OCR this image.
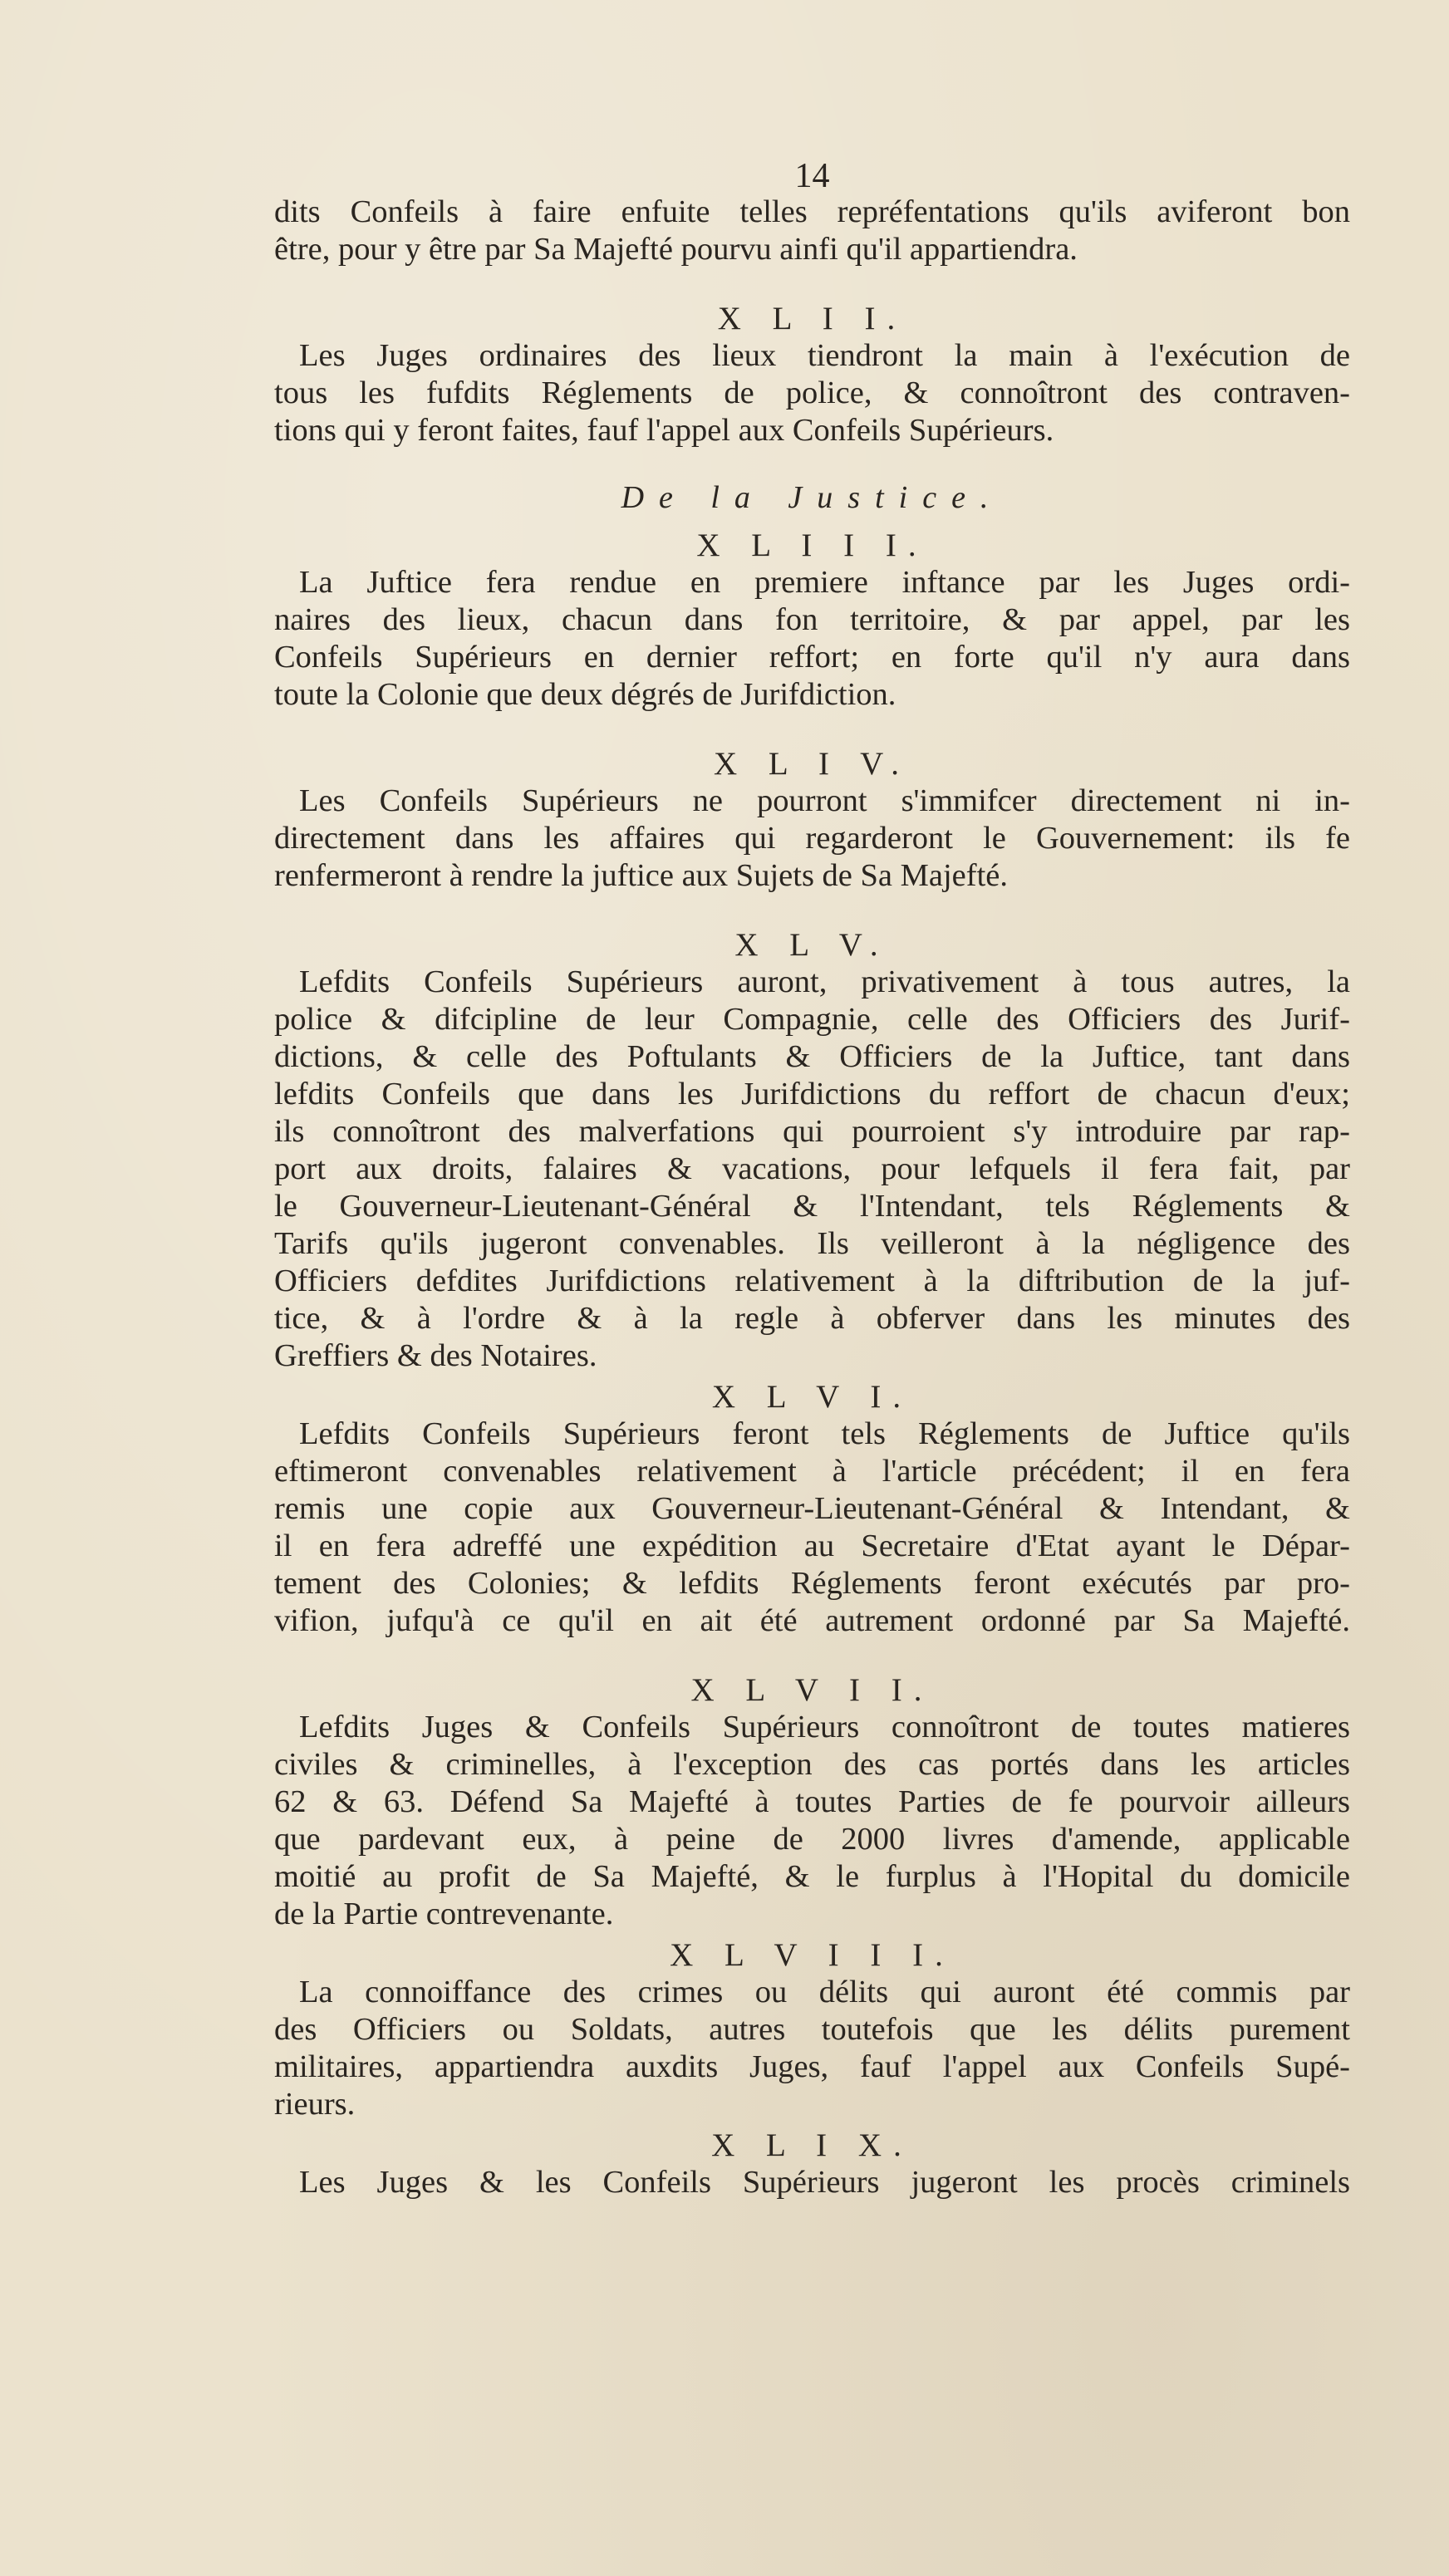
14
dits Confeils à faire enfuite telles repréfentations qu'ils aviferont bon
être, pour y être par Sa Majefté pourvu ainfi qu'il appartiendra.
X L I I.
Les Juges ordinaires des lieux tiendront la main à l'exécution de
tous les fufdits Réglements de police, & connoîtront des contraven-
tions qui y feront faites, fauf l'appel aux Confeils Supérieurs.
De la Justice.
X L I I I.
La Juftice fera rendue en premiere inftance par les Juges ordi-
naires des lieux, chacun dans fon territoire, & par appel, par les
Confeils Supérieurs en dernier reffort; en forte qu'il n'y aura dans
toute la Colonie que deux dégrés de Jurifdiction.
X L I V.
Les Confeils Supérieurs ne pourront s'immifcer directement ni in-
directement dans les affaires qui regarderont le Gouvernement: ils fe
renfermeront à rendre la juftice aux Sujets de Sa Majefté.
X L V.
Lefdits Confeils Supérieurs auront, privativement à tous autres, la
police & difcipline de leur Compagnie, celle des Officiers des Jurif-
dictions, & celle des Poftulants & Officiers de la Juftice, tant dans
lefdits Confeils que dans les Jurifdictions du reffort de chacun d'eux;
ils connoîtront des malverfations qui pourroient s'y introduire par rap-
port aux droits, falaires & vacations, pour lefquels il fera fait, par
le Gouverneur-Lieutenant-Général & l'Intendant, tels Réglements &
Tarifs qu'ils jugeront convenables. Ils veilleront à la négligence des
Officiers defdites Jurifdictions relativement à la diftribution de la juf-
tice, & à l'ordre & à la regle à obferver dans les minutes des
Greffiers & des Notaires.
X L V I.
Lefdits Confeils Supérieurs feront tels Réglements de Juftice qu'ils
eftimeront convenables relativement à l'article précédent; il en fera
remis une copie aux Gouverneur-Lieutenant-Général & Intendant, &
il en fera adreffé une expédition au Secretaire d'Etat ayant le Dépar-
tement des Colonies; & lefdits Réglements feront exécutés par pro-
vifion, jufqu'à ce qu'il en ait été autrement ordonné par Sa Majefté.
X L V I I.
Lefdits Juges & Confeils Supérieurs connoîtront de toutes matieres
civiles & criminelles, à l'exception des cas portés dans les articles
62 & 63. Défend Sa Majefté à toutes Parties de fe pourvoir ailleurs
que pardevant eux, à peine de 2000 livres d'amende, applicable
moitié au profit de Sa Majefté, & le furplus à l'Hopital du domicile
de la Partie contrevenante.
X L V I I I.
La connoiffance des crimes ou délits qui auront été commis par
des Officiers ou Soldats, autres toutefois que les délits purement
militaires, appartiendra auxdits Juges, fauf l'appel aux Confeils Supé-
rieurs.
X L I X.
Les Juges & les Confeils Supérieurs jugeront les procès criminels
